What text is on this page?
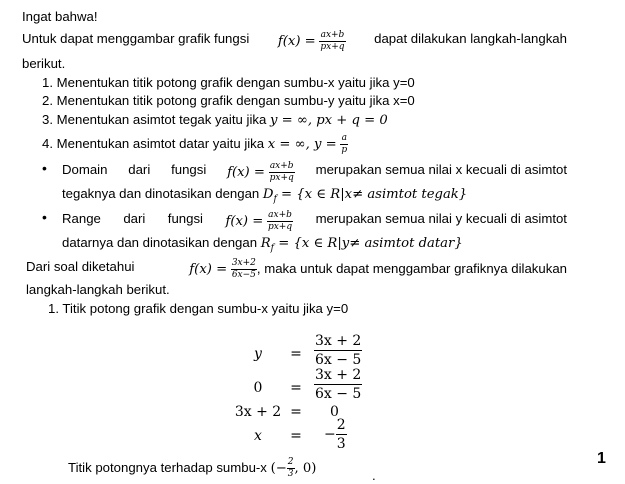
Ingat bahwa!
Untuk dapat menggambar grafik fungsi $f(x) = \frac{ax+b}{px+q}$ dapat dilakukan langkah-langkah
berikut.
1. Menentukan titik potong grafik dengan sumbu-x yaitu jika y=0
2. Menentukan titik potong grafik dengan sumbu-y yaitu jika x=0
3. Menentukan asimtot tegak yaitu jika y = ∞, px + q = 0
4. Menentukan asimtot datar yaitu jika x = ∞, $y = \frac{a}{p}$
• Domain dari fungsi $f(x) = \frac{ax+b}{px+q}$ merupakan semua nilai x kecuali di asimtot
tegaknya dan dinotasikan dengan $D_f = \{x$ ∈ R|x≠ asimtot tegak}
• Range dari fungsi $f(x) = \frac{ax+b}{px+q}$ merupakan semua nilai y kecuali di asimtot
datarnya dan dinotasikan dengan $R_f = \{x$ ∈ R|y≠ asimtot datar}
Dari soal diketahui	$f(x) = \frac{3x+2}{6x-5}$ , maka untuk dapat menggambar grafiknya dilakukan
langkah-langkah berikut.
1. Titik potong grafik dengan sumbu-x yaitu jika y=0
y	= $\frac{3x + 2}{6x - 5}$
0	= $\frac{3x + 2}{6x - 5}$
3x + 2 = 0
x	= − $\frac{2}{3}$
Titik potongnya terhadap sumbu-x (− $\frac{2}{3}$ , 0)
1
.
